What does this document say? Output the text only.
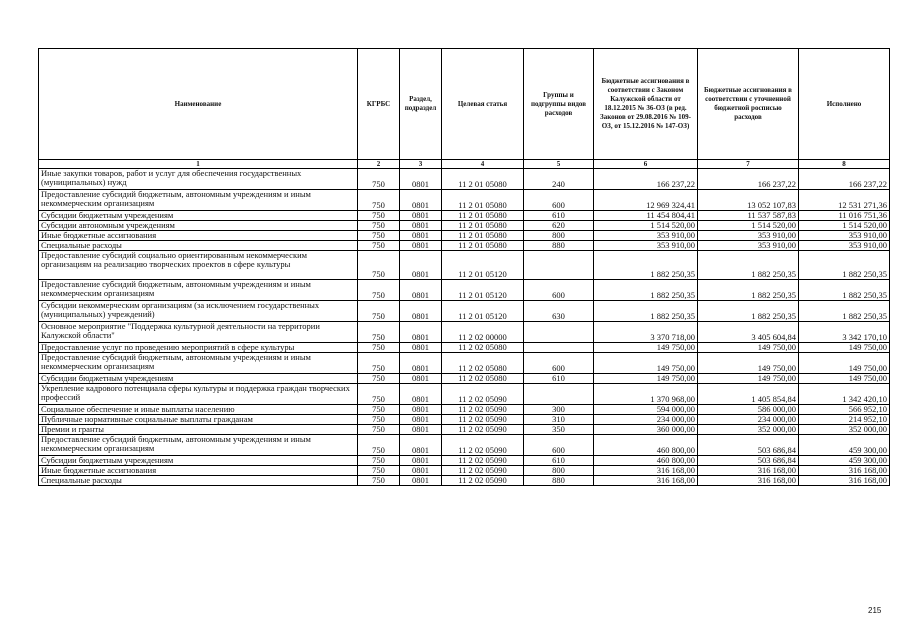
Наименование	КГРБС	Раздел, подраздел	Целевая статья	Группы и подгруппы видов расходов	Бюджетные ассигнования в соответствии с Законом Калужской области от 18.12.2015 № 36-ОЗ (в ред. Законов от 29.08.2016 № 109-ОЗ, от 15.12.2016 № 147-ОЗ)	Бюджетные ассигнования в соответствии с уточненной бюджетной росписью расходов	Исполнено
1	2	3	4	5	6	7	8
Иные закупки товаров, работ и услуг для обеспечения государственных (муниципальных) нужд	750	0801	11 2 01 05080	240	166 237,22	166 237,22	166 237,22
Предоставление субсидий бюджетным, автономным учреждениям и иным некоммерческим организациям	750	0801	11 2 01 05080	600	12 969 324,41	13 052 107,83	12 531 271,36
Субсидии бюджетным учреждениям	750	0801	11 2 01 05080	610	11 454 804,41	11 537 587,83	11 016 751,36
Субсидии автономным учреждениям	750	0801	11 2 01 05080	620	1 514 520,00	1 514 520,00	1 514 520,00
Иные бюджетные ассигнования	750	0801	11 2 01 05080	800	353 910,00	353 910,00	353 910,00
Специальные расходы	750	0801	11 2 01 05080	880	353 910,00	353 910,00	353 910,00
Предоставление субсидий социально ориентированным некоммерческим организациям на реализацию творческих проектов в сфере культуры	750	0801	11 2 01 05120		1 882 250,35	1 882 250,35	1 882 250,35
Предоставление субсидий бюджетным, автономным учреждениям и иным некоммерческим организациям	750	0801	11 2 01 05120	600	1 882 250,35	1 882 250,35	1 882 250,35
Субсидии некоммерческим организациям (за исключением государственных (муниципальных) учреждений)	750	0801	11 2 01 05120	630	1 882 250,35	1 882 250,35	1 882 250,35
Основное мероприятие "Поддержка культурной деятельности на территории Калужской области"	750	0801	11 2 02 00000		3 370 718,00	3 405 604,84	3 342 170,10
Предоставление услуг по проведению мероприятий в сфере культуры	750	0801	11 2 02 05080		149 750,00	149 750,00	149 750,00
Предоставление субсидий бюджетным, автономным учреждениям и иным некоммерческим организациям	750	0801	11 2 02 05080	600	149 750,00	149 750,00	149 750,00
Субсидии бюджетным учреждениям	750	0801	11 2 02 05080	610	149 750,00	149 750,00	149 750,00
Укрепление кадрового потенциала сферы культуры и поддержка граждан творческих профессий	750	0801	11 2 02 05090		1 370 968,00	1 405 854,84	1 342 420,10
Социальное обеспечение и иные выплаты населению	750	0801	11 2 02 05090	300	594 000,00	586 000,00	566 952,10
Публичные нормативные социальные выплаты гражданам	750	0801	11 2 02 05090	310	234 000,00	234 000,00	214 952,10
Премии и гранты	750	0801	11 2 02 05090	350	360 000,00	352 000,00	352 000,00
Предоставление субсидий бюджетным, автономным учреждениям и иным некоммерческим организациям	750	0801	11 2 02 05090	600	460 800,00	503 686,84	459 300,00
Субсидии бюджетным учреждениям	750	0801	11 2 02 05090	610	460 800,00	503 686,84	459 300,00
Иные бюджетные ассигнования	750	0801	11 2 02 05090	800	316 168,00	316 168,00	316 168,00
Специальные расходы	750	0801	11 2 02 05090	880	316 168,00	316 168,00	316 168,00
215
